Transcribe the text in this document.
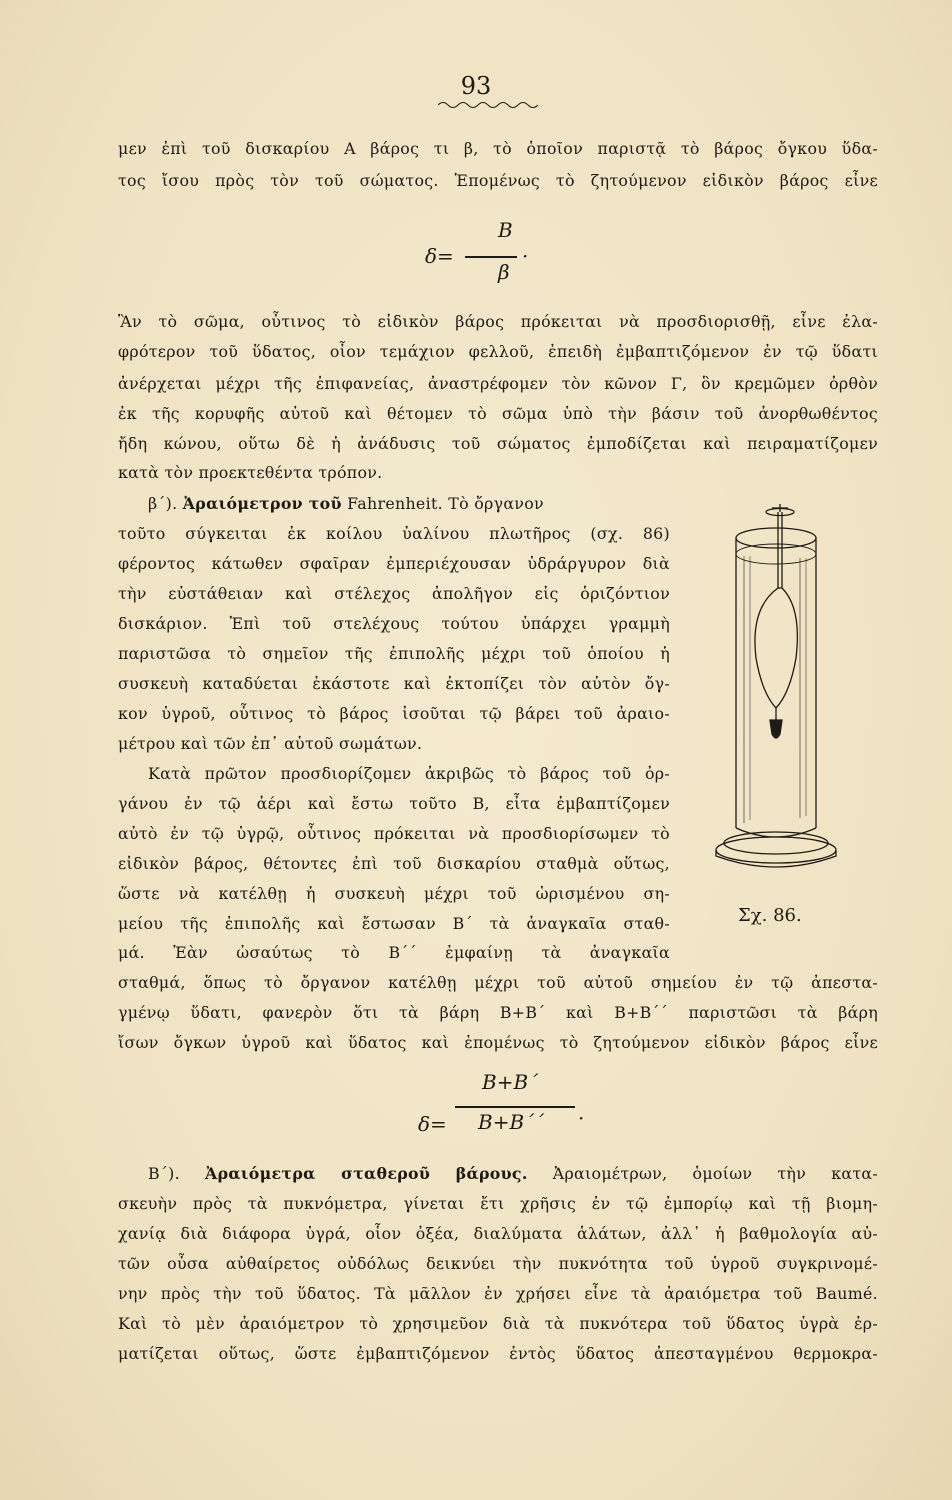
93
μεν ἐπὶ τοῦ δισκαρίου Α βάρος τι β, τὸ ὁποῖον παριστᾷ τὸ βάρος ὄγκου ὕδα-
τος ἴσου πρὸς τὸν τοῦ σώματος. Ἑπομένως τὸ ζητούμενον εἰδικὸν βάρος εἶνε
δ=
Β
β
·
Ἂν τὸ σῶμα, οὗτινος τὸ εἰδικὸν βάρος πρόκειται νὰ προσδιορισθῇ, εἶνε ἐλα-
φρότερον τοῦ ὕδατος, οἷον τεμάχιον φελλοῦ, ἐπειδὴ ἐμβαπτιζόμενον ἐν τῷ ὕδατι
ἀνέρχεται μέχρι τῆς ἐπιφανείας, ἀναστρέφομεν τὸν κῶνον Γ, ὃν κρεμῶμεν ὀρθὸν
ἐκ τῆς κορυφῆς αὐτοῦ καὶ θέτομεν τὸ σῶμα ὑπὸ τὴν βάσιν τοῦ ἀνορθωθέντος
ἤδη κώνου, οὕτω δὲ ἡ ἀνάδυσις τοῦ σώματος ἐμποδίζεται καὶ πειραματίζομεν
κατὰ τὸν προεκτεθέντα τρόπον.
β΄). Ἀραιόμετρον τοῦ Fahrenheit. Τὸ ὄργανον
τοῦτο σύγκειται ἐκ κοίλου ὑαλίνου πλωτῆρος (σχ. 86)
φέροντος κάτωθεν σφαῖραν ἐμπεριέχουσαν ὑδράργυρον διὰ
τὴν εὐστάθειαν καὶ στέλεχος ἀπολῆγον εἰς ὁριζόντιον
δισκάριον. Ἐπὶ τοῦ στελέχους τούτου ὑπάρχει γραμμὴ
παριστῶσα τὸ σημεῖον τῆς ἐπιπολῆς μέχρι τοῦ ὁποίου ἡ
συσκευὴ καταδύεται ἑκάστοτε καὶ ἐκτοπίζει τὸν αὐτὸν ὄγ-
κον ὑγροῦ, οὗτινος τὸ βάρος ἰσοῦται τῷ βάρει τοῦ ἀραιο-
μέτρου καὶ τῶν ἐπ᾽ αὐτοῦ σωμάτων.
Κατὰ πρῶτον προσδιορίζομεν ἀκριβῶς τὸ βάρος τοῦ ὀρ-
γάνου ἐν τῷ ἀέρι καὶ ἔστω τοῦτο Β, εἶτα ἐμβαπτίζομεν
αὐτὸ ἐν τῷ ὑγρῷ, οὗτινος πρόκειται νὰ προσδιορίσωμεν τὸ
εἰδικὸν βάρος, θέτοντες ἐπὶ τοῦ δισκαρίου σταθμὰ οὕτως,
ὥστε νὰ κατέλθῃ ἡ συσκευὴ μέχρι τοῦ ὡρισμένου ση-
μείου τῆς ἐπιπολῆς καὶ ἔστωσαν Β΄ τὰ ἀναγκαῖα σταθ-
μά. Ἐὰν ὡσαύτως τὸ Β΄΄ ἐμφαίνῃ τὰ ἀναγκαῖα
Σχ. 86.
σταθμά, ὅπως τὸ ὄργανον κατέλθῃ μέχρι τοῦ αὐτοῦ σημείου ἐν τῷ ἀπεστα-
γμένῳ ὕδατι, φανερὸν ὅτι τὰ βάρη Β+Β΄ καὶ Β+Β΄΄ παριστῶσι τὰ βάρη
ἴσων ὄγκων ὑγροῦ καὶ ὕδατος καὶ ἑπομένως τὸ ζητούμενον εἰδικὸν βάρος εἶνε
δ=
Β+Β΄
Β+Β΄΄ ·
Β΄). Ἀραιόμετρα σταθεροῦ βάρους. Ἀραιομέτρων, ὁμοίων τὴν κατα-
σκευὴν πρὸς τὰ πυκνόμετρα, γίνεται ἔτι χρῆσις ἐν τῷ ἐμπορίῳ καὶ τῇ βιομη-
χανίᾳ διὰ διάφορα ὑγρά, οἷον ὀξέα, διαλύματα ἁλάτων, ἀλλ᾽ ἡ βαθμολογία αὐ-
τῶν οὖσα αὐθαίρετος οὐδόλως δεικνύει τὴν πυκνότητα τοῦ ὑγροῦ συγκρινομέ-
νην πρὸς τὴν τοῦ ὕδατος. Τὰ μᾶλλον ἐν χρήσει εἶνε τὰ ἀραιόμετρα τοῦ Baumé.
Καὶ τὸ μὲν ἀραιόμετρον τὸ χρησιμεῦον διὰ τὰ πυκνότερα τοῦ ὕδατος ὑγρὰ ἐρ-
ματίζεται οὕτως, ὥστε ἐμβαπτιζόμενον ἐντὸς ὕδατος ἀπεσταγμένου θερμοκρα-
